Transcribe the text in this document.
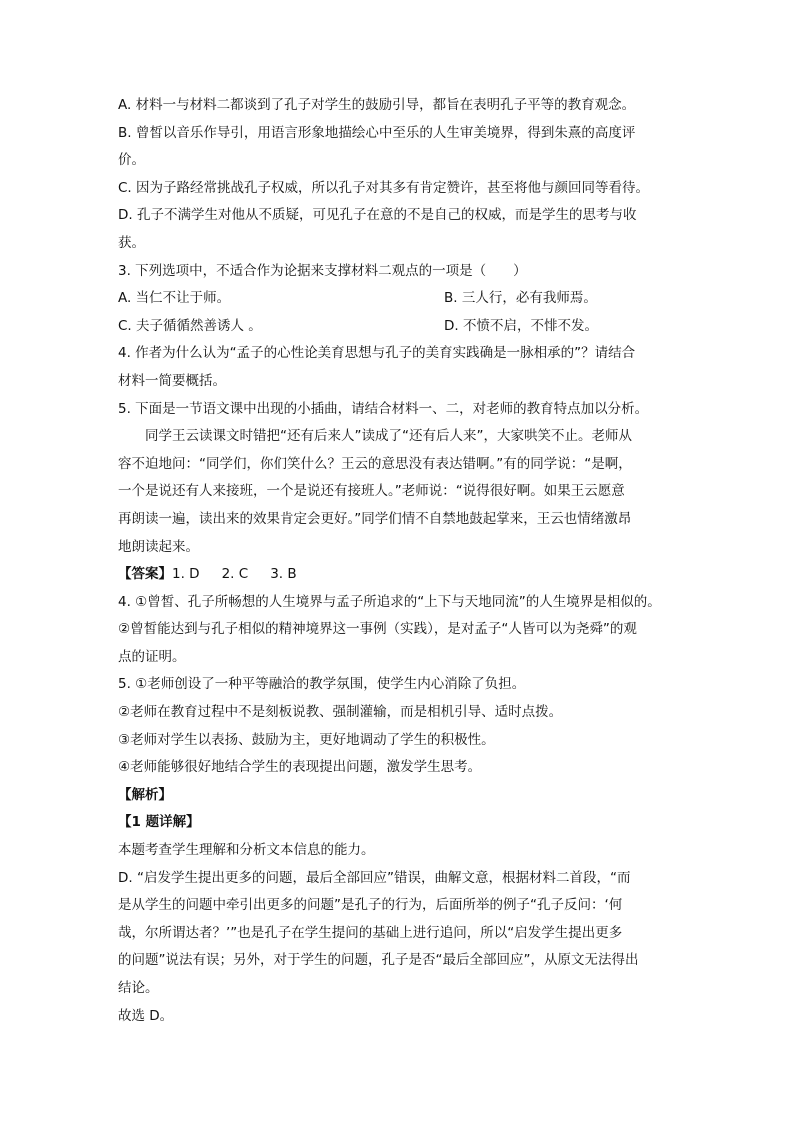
A. 材料一与材料二都谈到了孔子对学生的鼓励引导，都旨在表明孔子平等的教育观念。

B. 曾皙以音乐作导引，用语言形象地描绘心中至乐的人生审美境界，得到朱熹的高度评

价。

C. 因为子路经常挑战孔子权威，所以孔子对其多有肯定赞许，甚至将他与颜回同等看待。

D. 孔子不满学生对他从不质疑，可见孔子在意的不是自己的权威，而是学生的思考与收

获。

3. 下列选项中，不适合作为论据来支撑材料二观点的一项是（　　）

A. 当仁不让于师。	B. 三人行，必有我师焉。
C. 夫子循循然善诱人 。	D. 不愤不启，不悱不发。

4. 作者为什么认为“孟子的心性论美育思想与孔子的美育实践确是一脉相承的”？请结合

材料一简要概括。

5. 下面是一节语文课中出现的小插曲，请结合材料一、二，对老师的教育特点加以分析。

同学王云读课文时错把“还有后来人”读成了“还有后人来”，大家哄笑不止。老师从

容不迫地问：“同学们，你们笑什么？王云的意思没有表达错啊。”有的同学说：“是啊，

一个是说还有人来接班，一个是说还有接班人。”老师说：“说得很好啊。如果王云愿意

再朗读一遍，读出来的效果肯定会更好。”同学们情不自禁地鼓起掌来，王云也情绪激昂

地朗读起来。

【答案】1. D 2. C 3. B

4. ①曾皙、孔子所畅想的人生境界与孟子所追求的“上下与天地同流”的人生境界是相似的。

②曾皙能达到与孔子相似的精神境界这一事例（实践），是对孟子“人皆可以为尧舜”的观

点的证明。

5. ①老师创设了一种平等融洽的教学氛围，使学生内心消除了负担。

②老师在教育过程中不是刻板说教、强制灌输，而是相机引导、适时点拨。

③老师对学生以表扬、鼓励为主，更好地调动了学生的积极性。

④老师能够很好地结合学生的表现提出问题，激发学生思考。

【解析】

【1 题详解】

本题考查学生理解和分析文本信息的能力。

D. “启发学生提出更多的问题，最后全部回应”错误，曲解文意，根据材料二首段，“而

是从学生的问题中牵引出更多的问题”是孔子的行为，后面所举的例子“孔子反问：‘何

哉，尔所谓达者？’”也是孔子在学生提问的基础上进行追问，所以“启发学生提出更多

的问题”说法有误；另外，对于学生的问题，孔子是否“最后全部回应”，从原文无法得出

结论。

故选 D。
